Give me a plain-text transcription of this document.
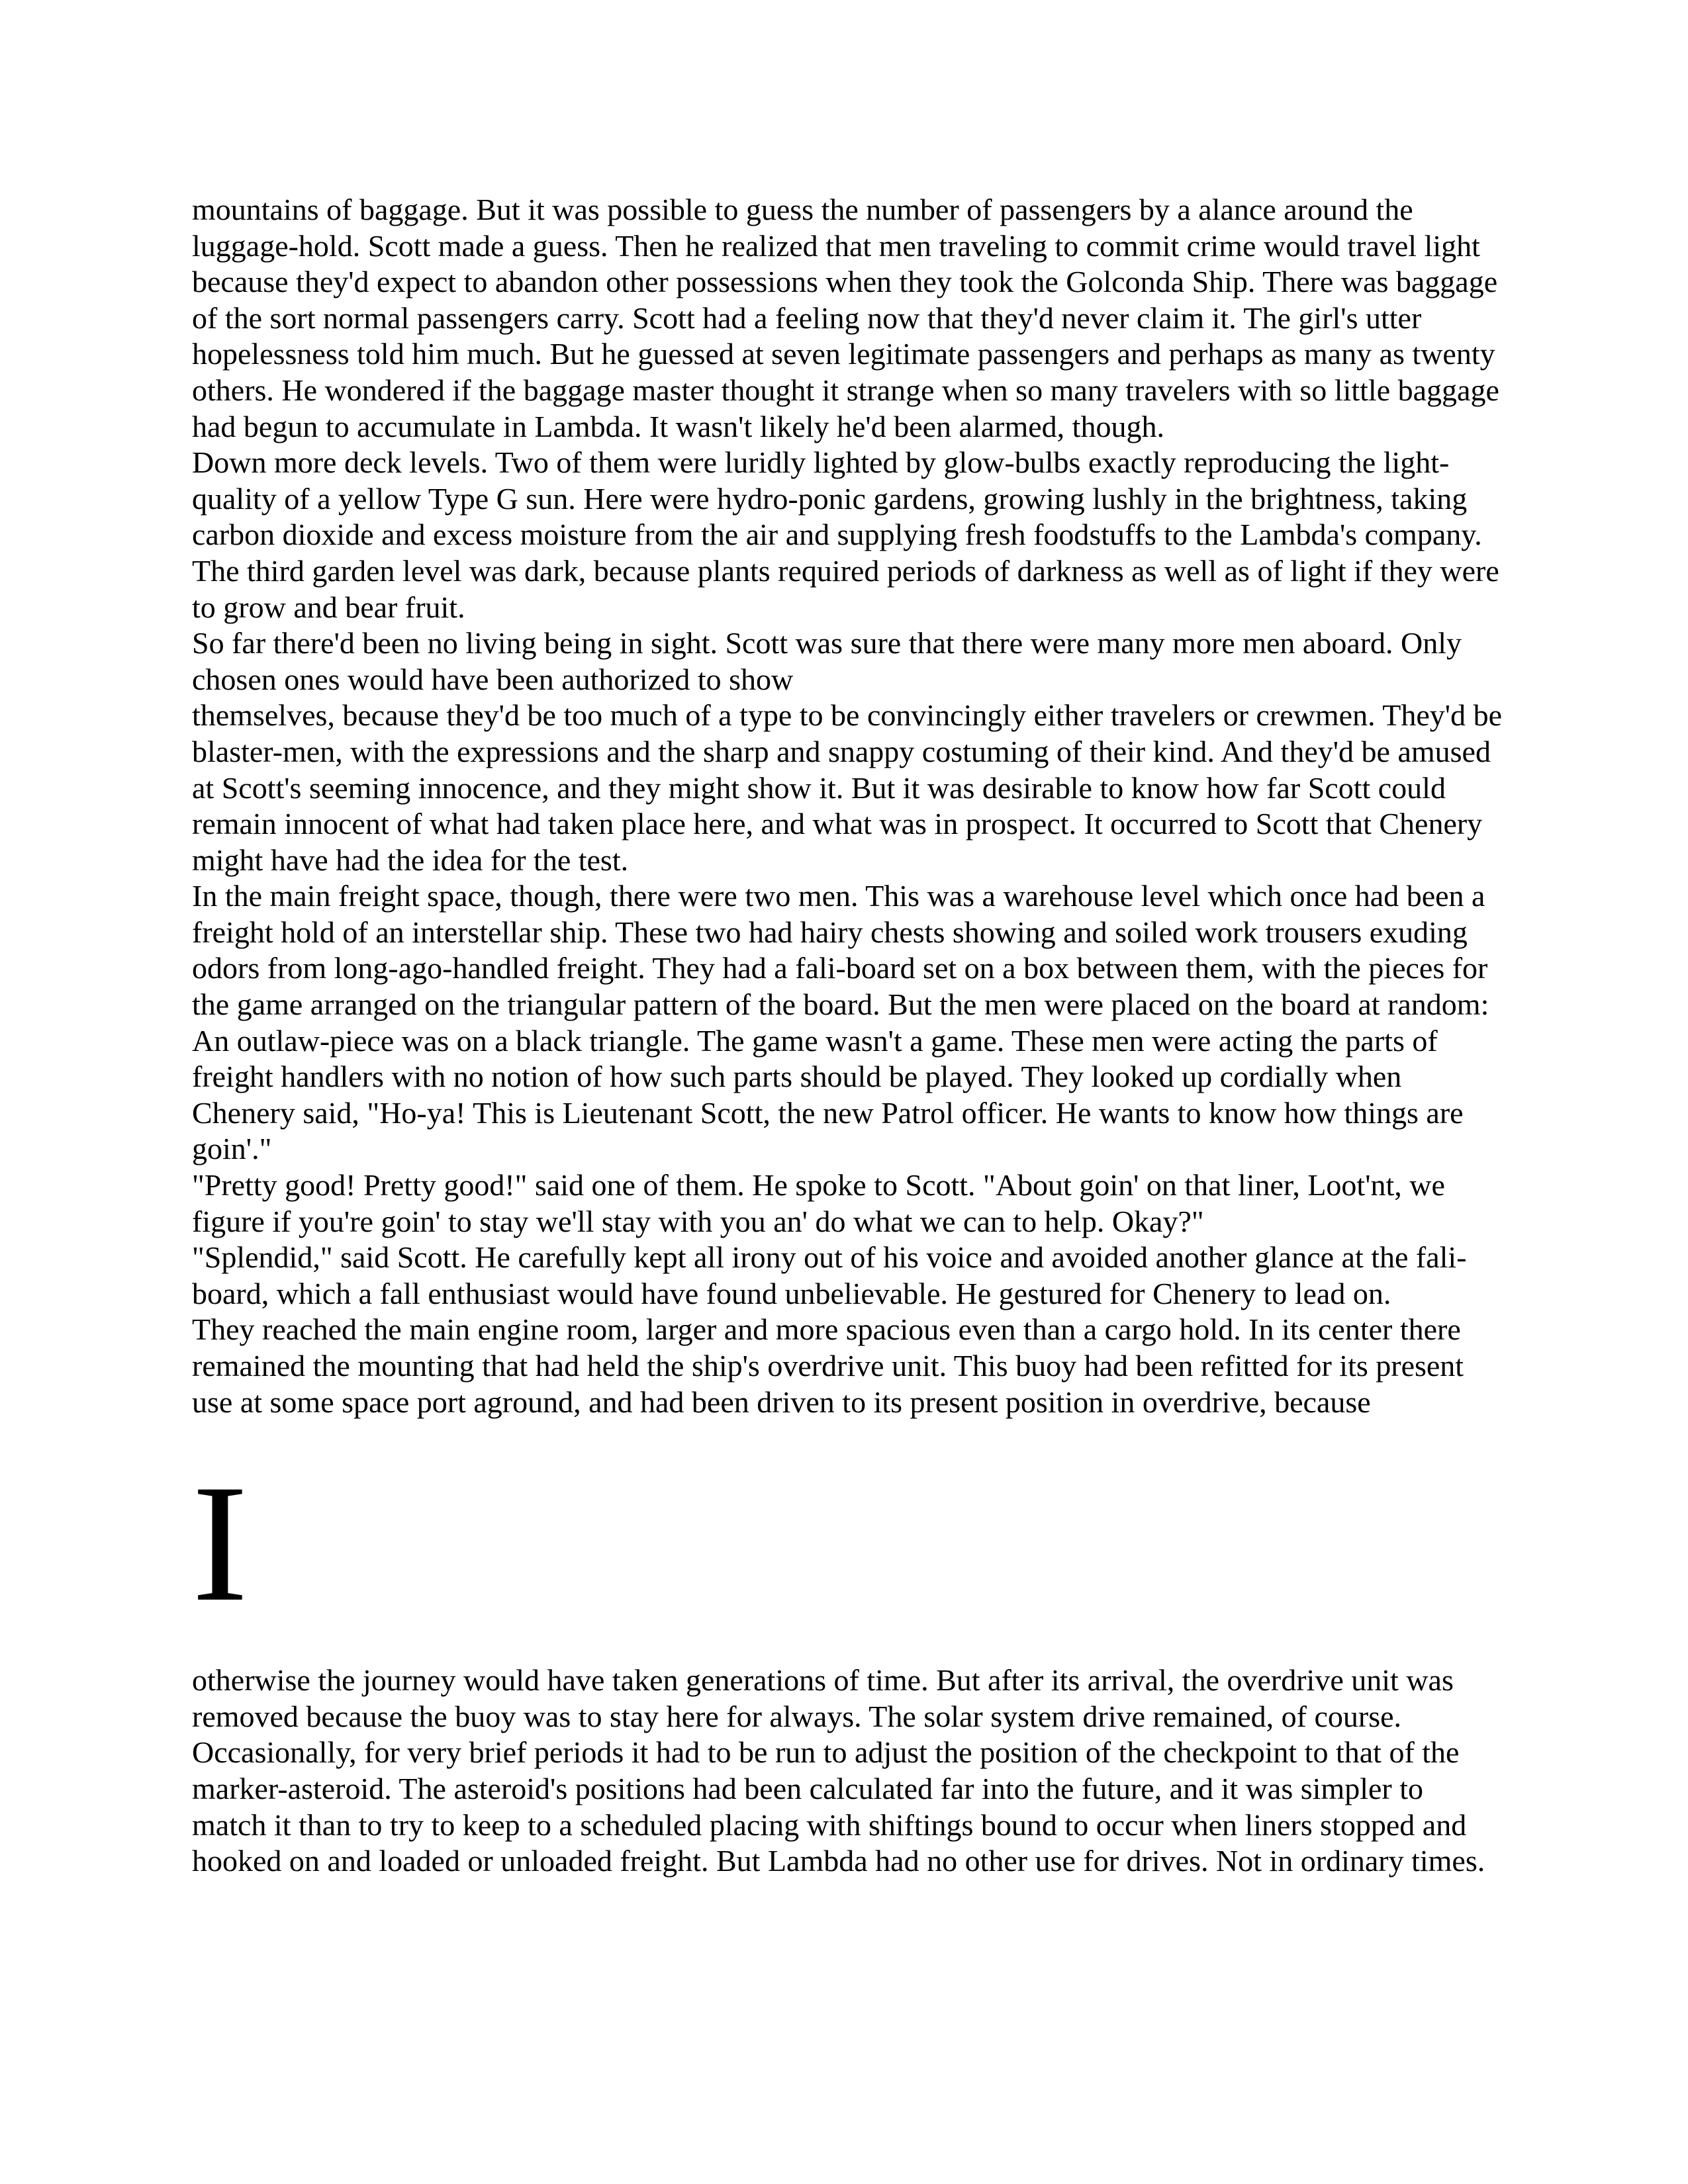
mountains of baggage. But it was possible to guess the number of passengers by a alance around the luggage-hold. Scott made a guess. Then he realized that men traveling to commit crime would travel light because they'd expect to abandon other possessions when they took the Golconda Ship. There was baggage of the sort normal passengers carry. Scott had a feeling now that they'd never claim it. The girl's utter hopelessness told him much. But he guessed at seven legitimate passengers and perhaps as many as twenty others. He wondered if the baggage master thought it strange when so many travelers with so little baggage had begun to accumulate in Lambda. It wasn't likely he'd been alarmed, though.

Down more deck levels. Two of them were luridly lighted by glow-bulbs exactly reproducing the light-quality of a yellow Type G sun. Here were hydro-ponic gardens, growing lushly in the brightness, taking carbon dioxide and excess moisture from the air and supplying fresh foodstuffs to the Lambda's company. The third garden level was dark, because plants required periods of darkness as well as of light if they were to grow and bear fruit.

So far there'd been no living being in sight. Scott was sure that there were many more men aboard. Only chosen ones would have been authorized to show

themselves, because they'd be too much of a type to be convincingly either travelers or crewmen. They'd be blaster-men, with the expressions and the sharp and snappy costuming of their kind. And they'd be amused at Scott's seeming innocence, and they might show it. But it was desirable to know how far Scott could remain innocent of what had taken place here, and what was in prospect. It occurred to Scott that Chenery might have had the idea for the test.

In the main freight space, though, there were two men. This was a warehouse level which once had been a freight hold of an interstellar ship. These two had hairy chests showing and soiled work trousers exuding odors from long-ago-handled freight. They had a fali-board set on a box between them, with the pieces for the game arranged on the triangular pattern of the board. But the men were placed on the board at random: An outlaw-piece was on a black triangle. The game wasn't a game. These men were acting the parts of freight handlers with no notion of how such parts should be played. They looked up cordially when Chenery said, "Ho-ya! This is Lieutenant Scott, the new Patrol officer. He wants to know how things are goin'."

"Pretty good! Pretty good!" said one of them. He spoke to Scott. "About goin' on that liner, Loot'nt, we figure if you're goin' to stay we'll stay with you an' do what we can to help. Okay?"

"Splendid," said Scott. He carefully kept all irony out of his voice and avoided another glance at the fali-board, which a fall enthusiast would have found unbelievable. He gestured for Chenery to lead on.

They reached the main engine room, larger and more spacious even than a cargo hold. In its center there remained the mounting that had held the ship's overdrive unit. This buoy had been refitted for its present use at some space port aground, and had been driven to its present position in overdrive, because

I

otherwise the journey would have taken generations of time. But after its arrival, the overdrive unit was removed because the buoy was to stay here for always. The solar system drive remained, of course. Occasionally, for very brief periods it had to be run to adjust the position of the checkpoint to that of the marker-asteroid. The asteroid's positions had been calculated far into the future, and it was simpler to match it than to try to keep to a scheduled placing with shiftings bound to occur when liners stopped and hooked on and loaded or unloaded freight. But Lambda had no other use for drives. Not in ordinary times.
